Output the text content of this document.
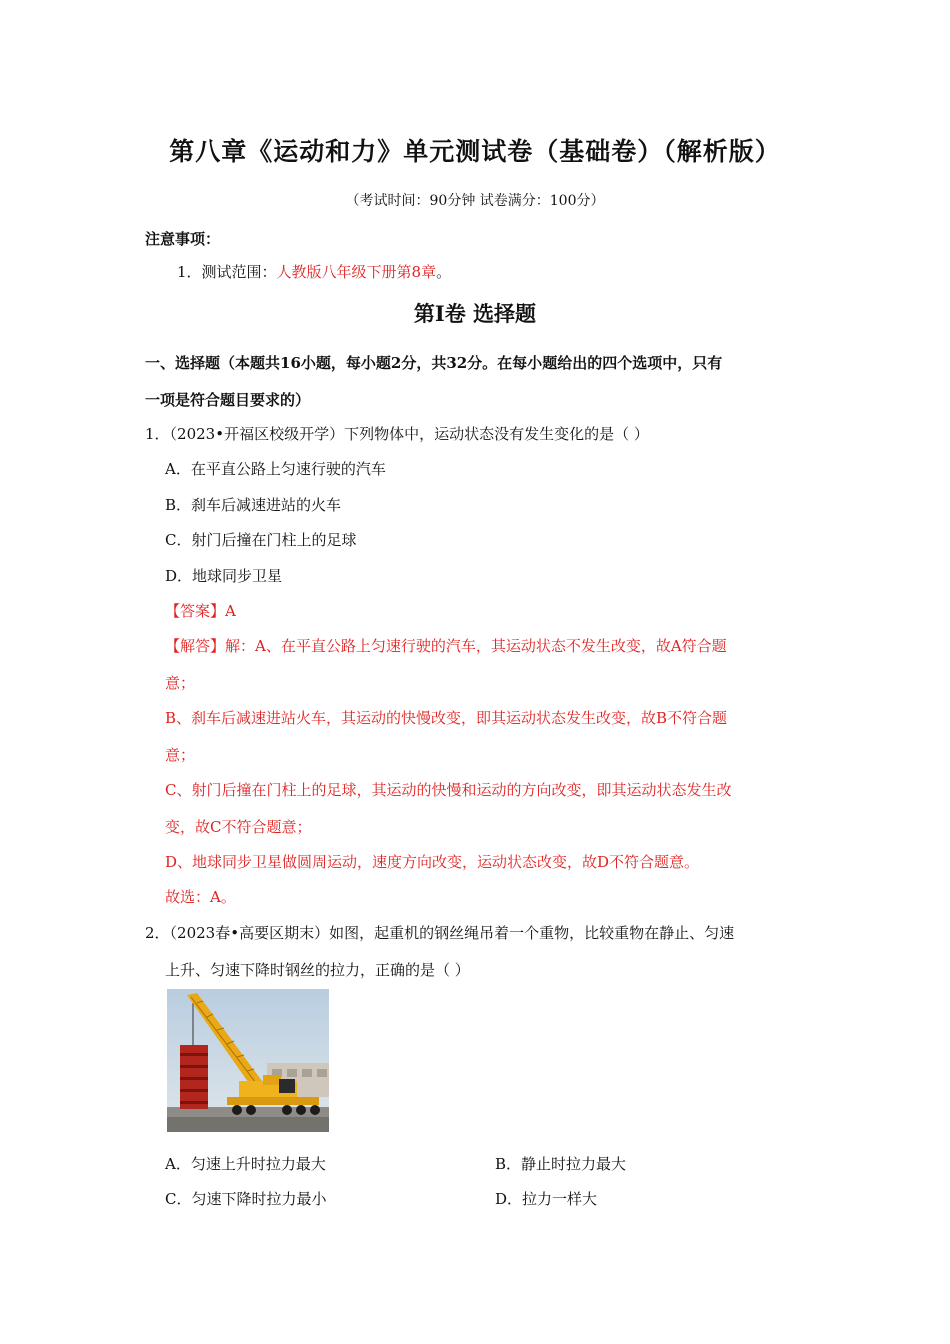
第八章《运动和力》单元测试卷（基础卷）（解析版）
（考试时间：90分钟 试卷满分：100分）
注意事项：
1．测试范围：人教版八年级下册第8章。
第Ⅰ卷 选择题
一、选择题（本题共16小题，每小题2分，共32分。在每小题给出的四个选项中，只有
一项是符合题目要求的）
1．（2023•开福区校级开学）下列物体中，运动状态没有发生变化的是（ ）
A．在平直公路上匀速行驶的汽车
B．刹车后减速进站的火车
C．射门后撞在门柱上的足球
D．地球同步卫星
【答案】A
【解答】解：A、在平直公路上匀速行驶的汽车，其运动状态不发生改变，故A符合题
意；
B、刹车后减速进站火车，其运动的快慢改变，即其运动状态发生改变，故B不符合题
意；
C、射门后撞在门柱上的足球，其运动的快慢和运动的方向改变，即其运动状态发生改
变，故C不符合题意；
D、地球同步卫星做圆周运动，速度方向改变，运动状态改变，故D不符合题意。
故选：A。
2．（2023春•高要区期末）如图，起重机的钢丝绳吊着一个重物，比较重物在静止、匀速
上升、匀速下降时钢丝的拉力，正确的是（ ）
A．匀速上升时拉力最大	B．静止时拉力最大
C．匀速下降时拉力最小	D．拉力一样大
